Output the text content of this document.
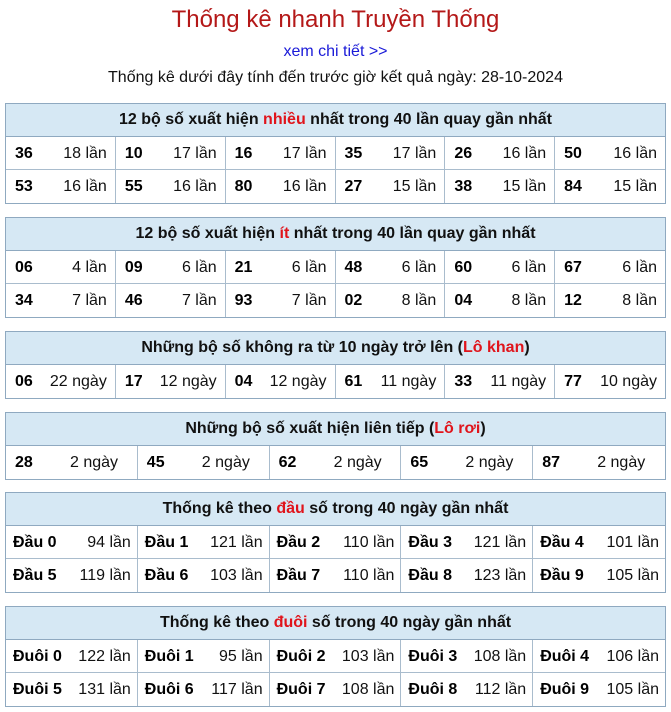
Thống kê nhanh Truyền Thống
xem chi tiết >>
Thống kê dưới đây tính đến trước giờ kết quả ngày: 28-10-2024
12 bộ số xuất hiện nhiều nhất trong 40 lần quay gần nhất
36	18 lần	10	17 lần	16	17 lần	35	17 lần	26	16 lần	50	16 lần
53	16 lần	55	16 lần	80	16 lần	27	15 lần	38	15 lần	84	15 lần
12 bộ số xuất hiện ít nhất trong 40 lần quay gần nhất
06	4 lần	09	6 lần	21	6 lần	48	6 lần	60	6 lần	67	6 lần
34	7 lần	46	7 lần	93	7 lần	02	8 lần	04	8 lần	12	8 lần
Những bộ số không ra từ 10 ngày trở lên (Lô khan)
06	22 ngày	17	12 ngày	04	12 ngày	61	11 ngày	33	11 ngày	77	10 ngày
Những bộ số xuất hiện liên tiếp (Lô rơi)
28	2 ngày	45	2 ngày	62	2 ngày	65	2 ngày	87	2 ngày
Thống kê theo đầu số trong 40 ngày gần nhất
Đầu 0 94 lần Đầu 1 121 lần Đầu 2 110 lần Đầu 3 121 lần Đầu 4 101 lần
Đầu 5 119 lần Đầu 6 103 lần Đầu 7 110 lần Đầu 8 123 lần Đầu 9 105 lần
Thống kê theo đuôi số trong 40 ngày gần nhất
Đuôi 0 122 lần Đuôi 1 95 lần Đuôi 2 103 lần Đuôi 3 108 lần Đuôi 4 106 lần
Đuôi 5 131 lần Đuôi 6 117 lần Đuôi 7 108 lần Đuôi 8 112 lần Đuôi 9 105 lần
